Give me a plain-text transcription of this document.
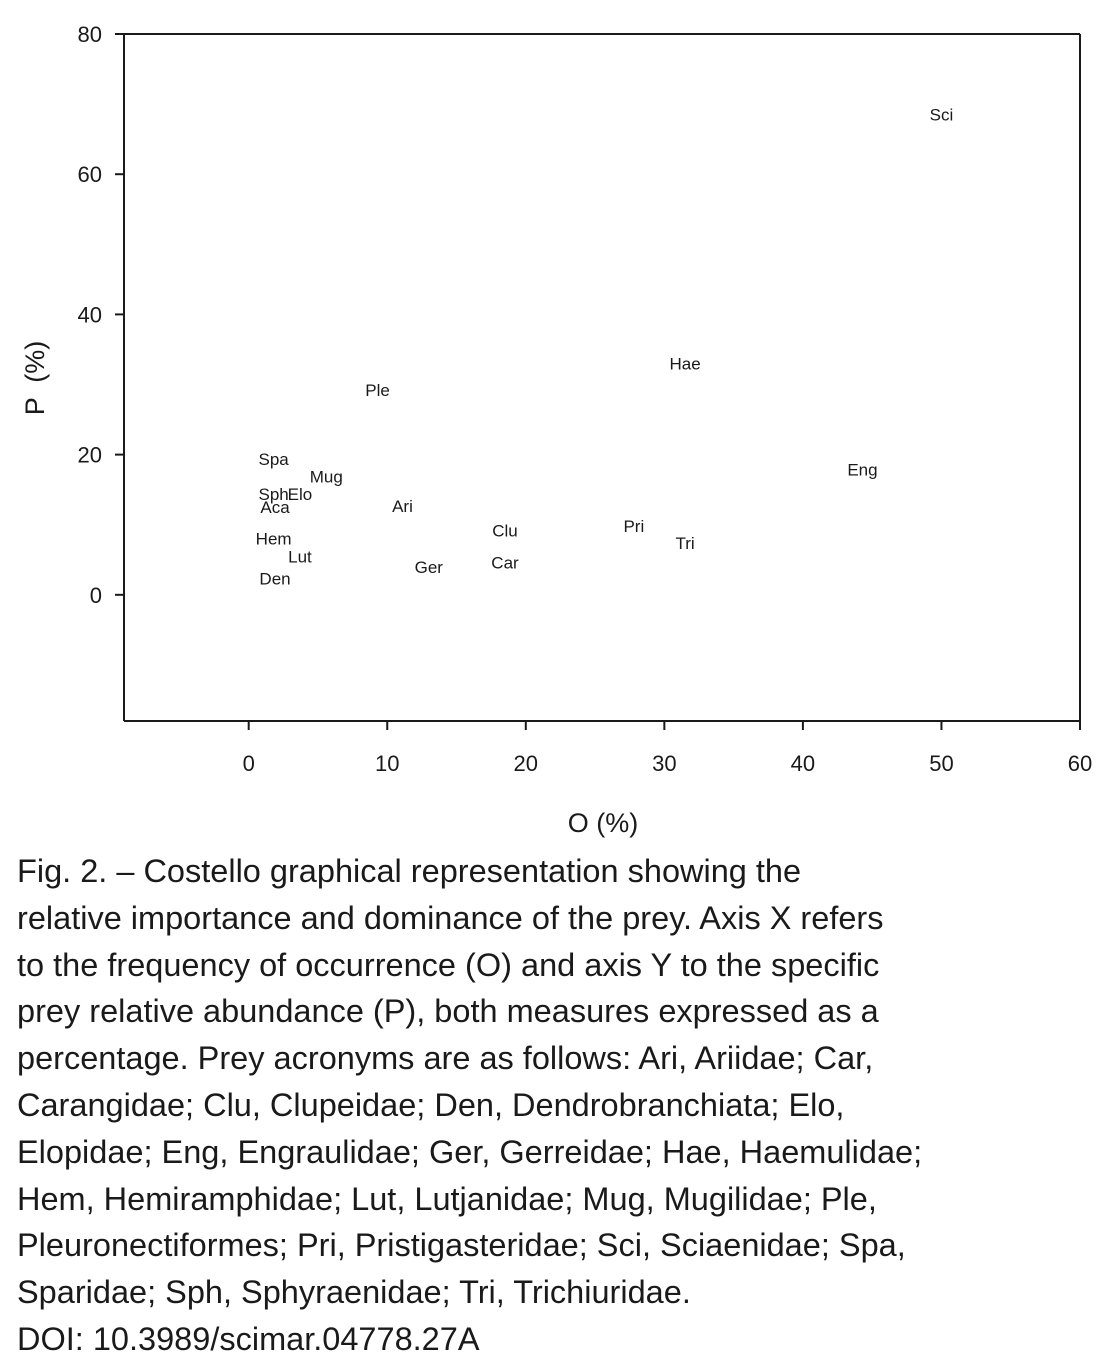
0
20
40
60
80
0	10	20	30	40	50	60
Sci
Hae
Ple
Spa
Eng
Mug
Sph
Elo
Aca	Ari
Pri
Clu
Hem	Tri
Lut	Car
Ger
Den
O (%)
P  (%)

Fig. 2. – Costello graphical representation showing the
relative importance and dominance of the prey. Axis X refers
to the frequency of occurrence (O) and axis Y to the specific
prey relative abundance (P), both measures expressed as a
percentage. Prey acronyms are as follows: Ari, Ariidae; Car,
Carangidae; Clu, Clupeidae; Den, Dendrobranchiata; Elo,
Elopidae; Eng, Engraulidae; Ger, Gerreidae; Hae, Haemulidae;
Hem, Hemiramphidae; Lut, Lutjanidae; Mug, Mugilidae; Ple,
Pleuronectiformes; Pri, Pristigasteridae; Sci, Sciaenidae; Spa,
Sparidae; Sph, Sphyraenidae; Tri, Trichiuridae.
DOI: 10.3989/scimar.04778.27A
